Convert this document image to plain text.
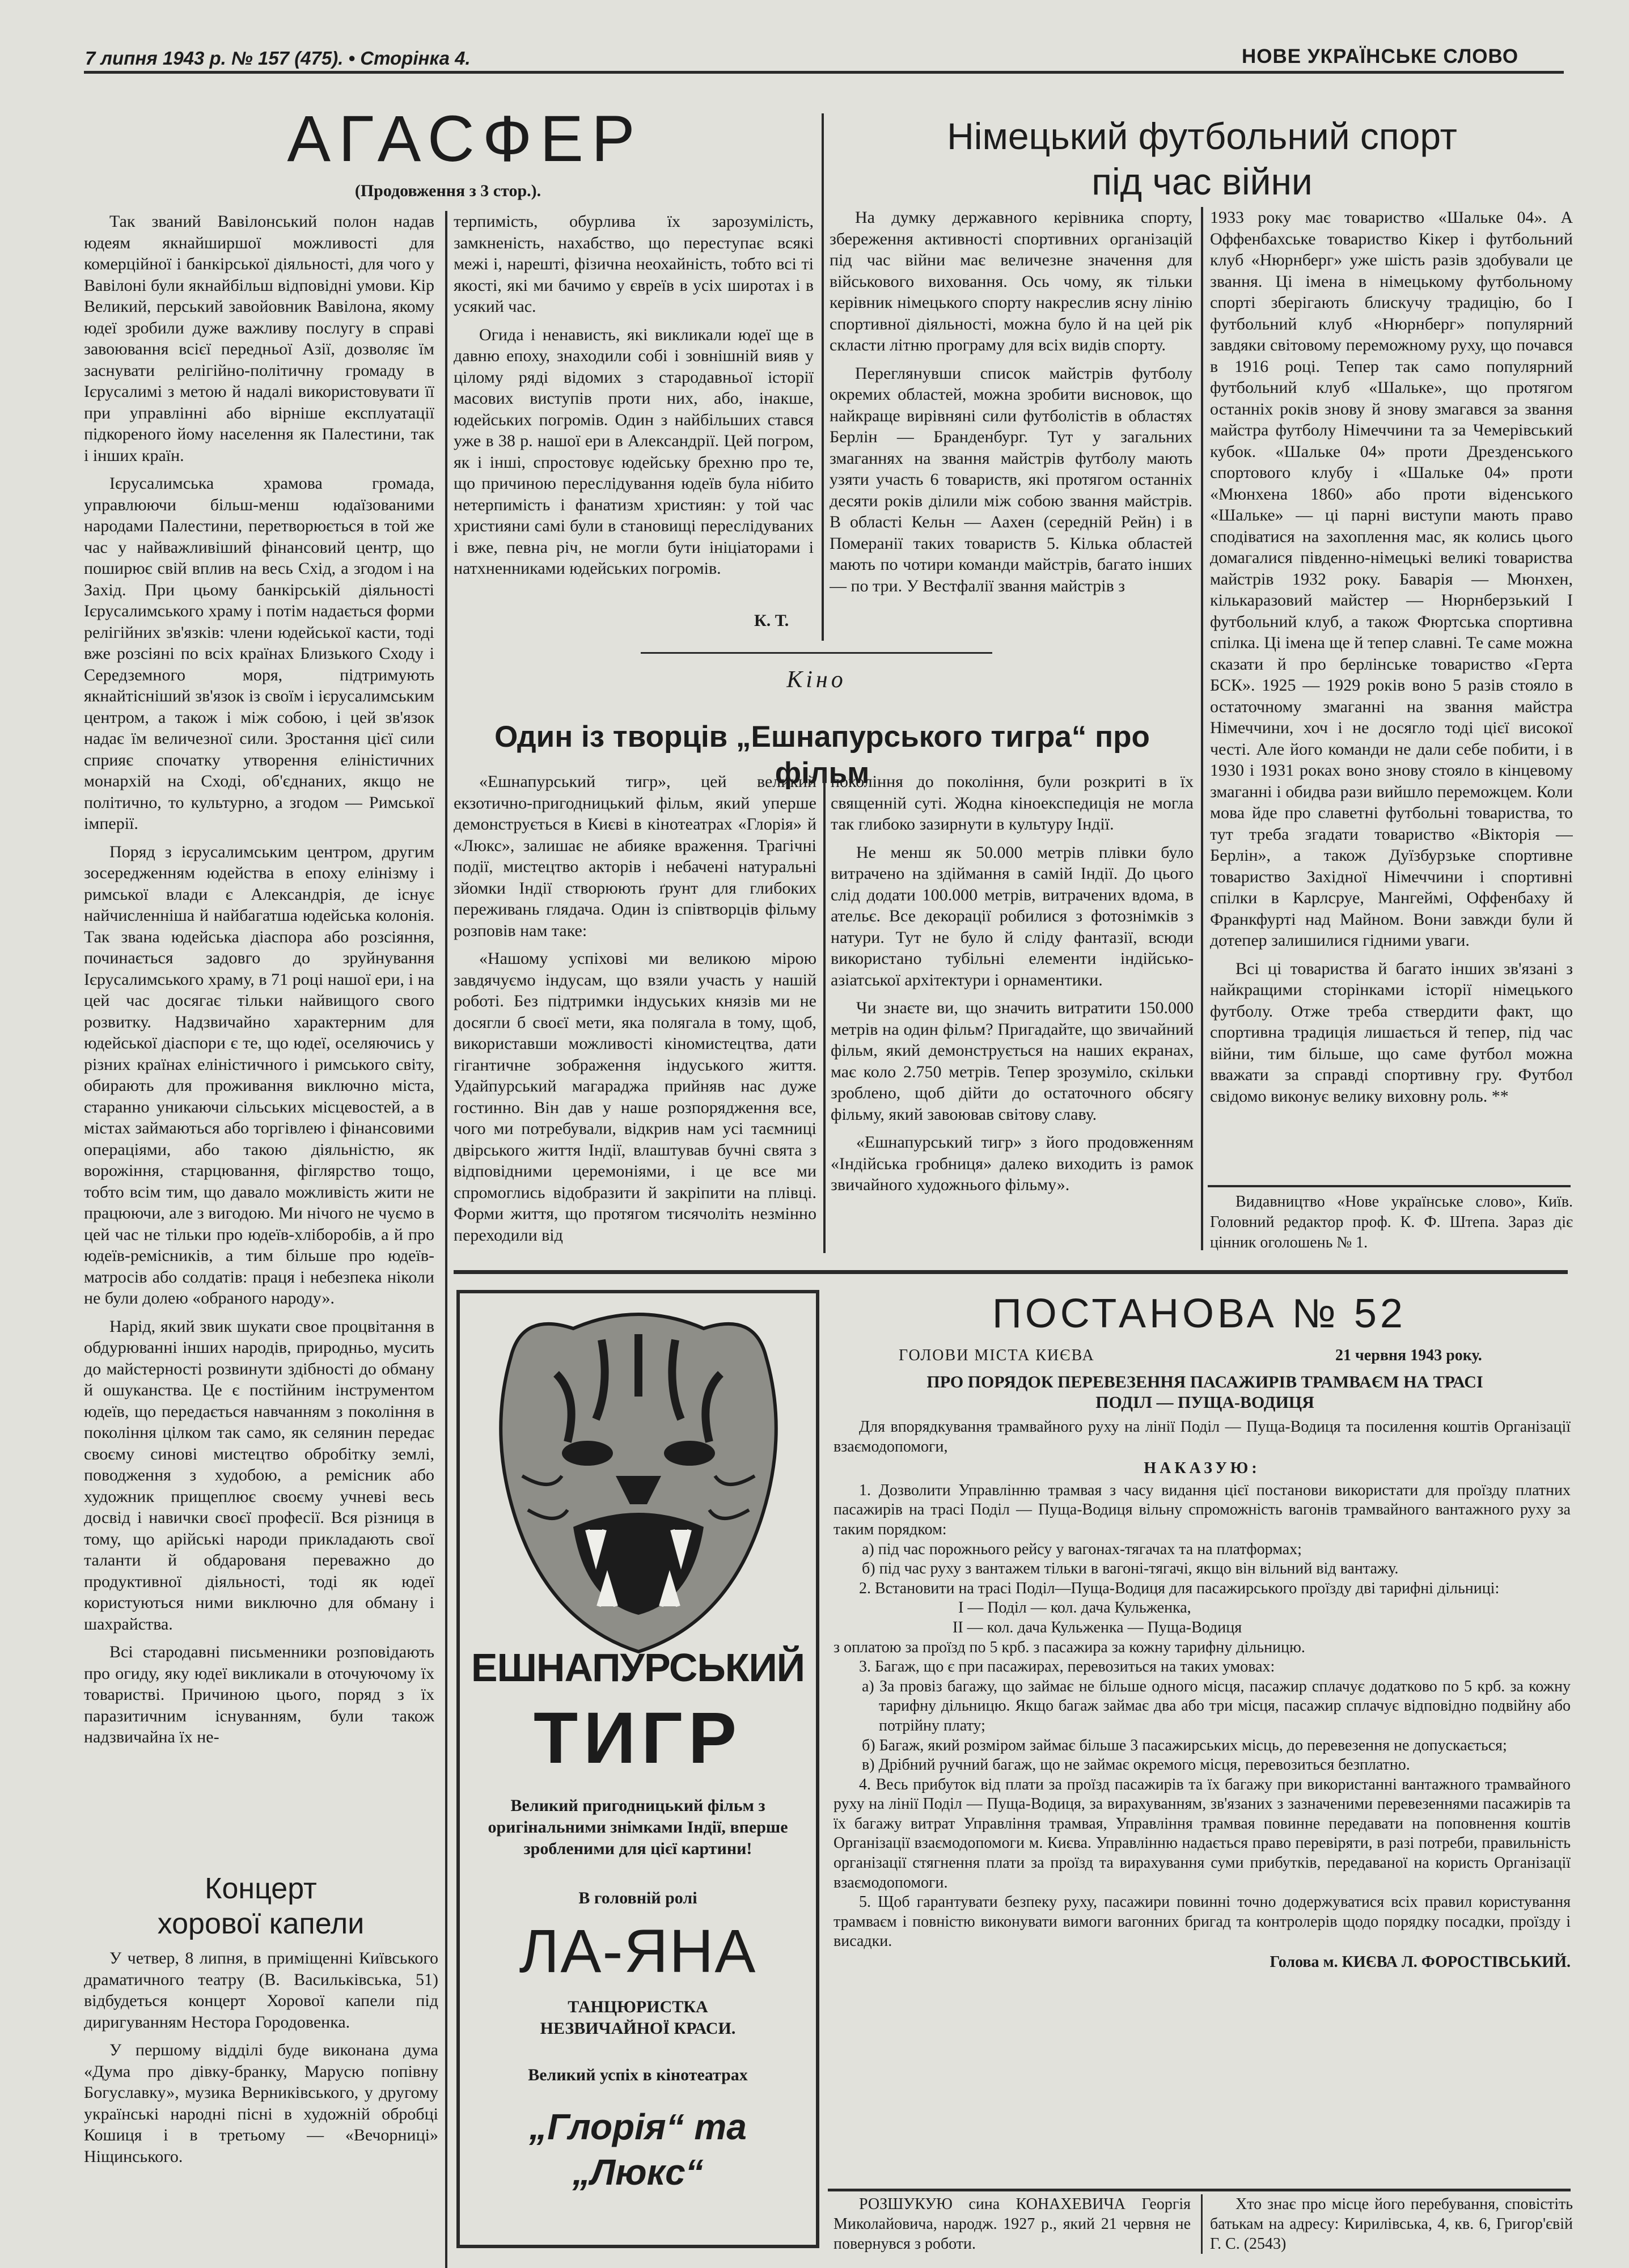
7 липня 1943 р. № 157 (475). • Сторінка 4.	НОВЕ УКРАЇНСЬКЕ СЛОВО
АГАСФЕР
(Продовження з 3 стор.).

Так званий Вавілонський полон надав юдеям якнайширшої можливості для комерційної і банкірської діяльності, для чого у Вавілоні були якнайбільш відповідні умови. Кір Великий, перський завойовник Вавілона, якому юдеї зробили дуже важливу послугу в справі завоювання всієї передньої Азії, дозволяє їм заснувати релігійно-політичну громаду в Ієрусалимі з метою й надалі використовувати її при управлінні або вірніше експлуатації підкореного йому населення як Палестини, так і інших країн.

Ієрусалимська храмова громада, управлюючи більш-менш юдаїзованими народами Палестини, перетворюється в той же час у найважливіший фінансовий центр, що поширює свій вплив на весь Схід, а згодом і на Захід. При цьому банкірській діяльності Ієрусалимського храму і потім надається форми релігійних зв'язків: члени юдейської касти, тоді вже розсіяні по всіх країнах Близького Сходу і Середземного моря, підтримують якнайтісніший зв'язок із своїм і ієрусалимським центром, а також і між собою, і цей зв'язок надає їм величезної сили. Зростання цієї сили сприяє спочатку утворення еліністичних монархій на Сході, об'єднаних, якщо не політично, то культурно, а згодом — Римської імперії.

Поряд з ієрусалимським центром, другим зосередженням юдейства в епоху елінізму і римської влади є Александрія, де існує найчисленніша й найбагатша юдейська колонія. Так звана юдейська діаспора або розсіяння, починається задовго до зруйнування Ієрусалимського храму, в 71 році нашої ери, і на цей час досягає тільки найвищого свого розвитку. Надзвичайно характерним для юдейської діаспори є те, що юдеї, оселяючись у різних країнах еліністичного і римського світу, обирають для проживання виключно міста, старанно уникаючи сільських місцевостей, а в містах займаються або торгівлею і фінансовими операціями, або такою діяльністю, як ворожіння, старцювання, фіглярство тощо, тобто всім тим, що давало можливість жити не працюючи, але з вигодою. Ми нічого не чуємо в цей час не тільки про юдеїв-хліборобів, а й про юдеїв-ремісників, а тим більше про юдеїв-матросів або солдатів: праця і небезпека ніколи не були долею «обраного народу».

Нарід, який звик шукати свое процвітання в обдурюванні інших народів, природньо, мусить до майстерності розвинути здібності до обману й ошуканства. Це є постійним інструментом юдеїв, що передається навчанням з покоління в покоління цілком так само, як селянин передає своєму синові мистецтво обробітку землі, поводження з худобою, а ремісник або художник прищеплює своєму учневі весь досвід і навички своєї професії. Вся різниця в тому, що арійські народи прикладають свої таланти й обдарованя переважно до продуктивної діяльності, тоді як юдеї користуються ними виключно для обману і шахрайства.

Всі стародавні письменники розповідають про огиду, яку юдеї викликали в оточуючому їх товаристві. Причиною цього, поряд з їх паразитичним існуванням, були також надзвичайна їх не-

терпимість, обурлива їх зарозумілість, замкненість, нахабство, що переступає всякі межі і, нарешті, фізична неохайність, тобто всі ті якості, які ми бачимо у євреїв в усіх широтах і в усякий час.

Огида і ненависть, які викликали юдеї ще в давню епоху, знаходили собі і зовнішній вияв у цілому ряді відомих з стародавньої історії масових виступів проти них, або, інакше, юдейських погромів. Один з найбільших стався уже в 38 р. нашої ери в Александрії. Цей погром, як і інші, спростовує юдейську брехню про те, що причиною переслідування юдеїв була нібито нетерпимість і фанатизм християн: у той час християни самі були в становищі переслідуваних і вже, певна річ, не могли бути ініціаторами і натхненниками юдейських погромів.

К. Т.
Німецький футбольний спорт
під час війни

На думку державного керівника спорту, збереження активності спортивних організацій під час війни має величезне значення для військового виховання. Ось чому, як тільки керівник німецького спорту накреслив ясну лінію спортивної діяльності, можна було й на цей рік скласти літню програму для всіх видів спорту.

Переглянувши список майстрів футболу окремих областей, можна зробити висновок, що найкраще вирівняні сили футболістів в областях Берлін — Бранденбург. Тут у загальних змаганнях на звання майстрів футболу мають узяти участь 6 товариств, які протягом останніх десяти років ділили між собою звання майстрів. В області Кельн — Аахен (середній Рейн) і в Померанії таких товариств 5. Кілька областей мають по чотири команди майстрів, багато інших — по три. У Вестфалії звання майстрів з

1933 року має товариство «Шальке 04». А Оффенбахське товариство Кікер і футбольний клуб «Нюрнберг» уже шість разів здобували це звання. Ці імена в німецькому футбольному спорті зберігають блискучу традицію, бо І футбольний клуб «Нюрнберг» популярний завдяки світовому переможному руху, що почався в 1916 році. Тепер так само популярний футбольний клуб «Шальке», що протягом останніх років знову й знову змагався за звання майстра футболу Німеччини та за Чемерівський кубок. «Шальке 04» проти Дрезденського спортового клубу і «Шальке 04» проти «Мюнхена 1860» або проти віденського «Шальке» — ці парні виступи мають право сподіватися на захоплення мас, як колись цього домагалися південно-німецькі великі товариства майстрів 1932 року. Баварія — Мюнхен, кількаразовий майстер — Нюрнберзький І футбольний клуб, а також Фюртська спортивна спілка. Ці імена ще й тепер славні. Те саме можна сказати й про берлінське товариство «Герта БСК». 1925 — 1929 років воно 5 разів стояло в остаточному змаганні на звання майстра Німеччини, хоч і не досягло тоді цієї високої честі. Але його команди не дали себе побити, і в 1930 і 1931 роках воно знову стояло в кінцевому змаганні і обидва рази вийшло переможцем. Коли мова йде про славетні футбольні товариства, то тут треба згадати товариство «Вікторія — Берлін», а також Дуїзбурзьке спортивне товариство Західної Німеччини і спортивні спілки в Карлсруе, Мангеймі, Оффенбаху й Франкфурті над Майном. Вони завжди були й дотепер залишилися гідними уваги.

Всі ці товариства й багато інших зв'язані з найкращими сторінками історії німецького футболу. Отже треба ствердити факт, що спортивна традиція лишається й тепер, під час війни, тим більше, що саме футбол можна вважати за справді спортивну гру. Футбол свідомо виконує велику виховну роль. **

Кіно
Один із творців „Ешнапурського тигра“ про фільм

«Ешнапурський тигр», цей великий екзотично-пригодницький фільм, який уперше демонструється в Києві в кінотеатрах «Глорія» й «Люкс», залишає не абияке враження. Трагічні події, мистецтво акторів і небачені натуральні зйомки Індії створюють ґрунт для глибоких переживань глядача. Один із співтворців фільму розповів нам таке:

«Нашому успіхові ми великою мірою завдячуємо індусам, що взяли участь у нашій роботі. Без підтримки індуських князів ми не досягли б своєї мети, яка полягала в тому, щоб, використавши можливості кіномистецтва, дати гігантичне зображення індуського життя. Удайпурський магараджа прийняв нас дуже гостинно. Він дав у наше розпорядження все, чого ми потребували, відкрив нам усі таємниці двірського життя Індії, влаштував бучні свята з відповідними церемоніями, і це все ми спромоглись відобразити й закріпити на плівці. Форми життя, що протягом тисячоліть незмінно переходили від

покоління до покоління, були розкриті в їх священній суті. Жодна кіноекспедиція не могла так глибоко зазирнути в культуру Індії.

Не менш як 50.000 метрів плівки було витрачено на здіймання в самій Індії. До цього слід додати 100.000 метрів, витрачених вдома, в ательє. Все декорації робилися з фотознімків з натури. Тут не було й сліду фантазії, всюди використано тубільні елементи індійсько-азіатської архітектури і орнаментики.

Чи знаєте ви, що значить витратити 150.000 метрів на один фільм? Пригадайте, що звичайний фільм, який демонструється на наших екранах, має коло 2.750 метрів. Тепер зрозуміло, скільки зроблено, щоб дійти до остаточного обсягу фільму, який завоював світову славу.

«Ешнапурський тигр» з його продовженням «Індійська гробниця» далеко виходить із рамок звичайного художнього фільму».

Видавництво «Нове українське слово», Київ. Головний редактор проф. К. Ф. Штепа. Зараз діє цінник оголошень № 1.

Концерт
хорової капели

У четвер, 8 липня, в приміщенні Київського драматичного театру (В. Васильківська, 51) відбудеться концерт Хорової капели під диригуванням Нестора Городовенка.

У першому відділі буде виконана дума «Дума про дівку-бранку, Марусю попівну Богуславку», музика Верниківського, у другому українські народні пісні в художній обробці Кошиця і в третьому — «Вечорниці» Ніщинського.

ЕШНАПУРСЬКИЙ
ТИГР
Великий пригодницький фільм з оригінальними знімками Індії, вперше зробленими для цієї картини!
В головній ролі
ЛА-ЯНА
ТАНЦЮРИСТКА
НЕЗВИЧАЙНОЇ КРАСИ.
Великий успіх в кінотеатрах
„Глорія“ та „Люкс“
ПОСТАНОВА № 52
ГОЛОВИ МІСТА КИЄВА	21 червня 1943 року.
ПРО ПОРЯДОК ПЕРЕВЕЗЕННЯ ПАСАЖИРІВ ТРАМВАЄМ НА ТРАСІ
ПОДІЛ — ПУЩА-ВОДИЦЯ

Для впорядкування трамвайного руху на лінії Поділ — Пуща-Водиця та посилення коштів Організації взаємодопомоги,

НАКАЗУЮ:

1. Дозволити Управлінню трамвая з часу видання цієї постанови використати для проїзду платних пасажирів на трасі Поділ — Пуща-Водиця вільну спроможність вагонів трамвайного вантажного руху за таким порядком:

а) під час порожнього рейсу у вагонах-тягачах та на платформах;

б) під час руху з вантажем тільки в вагоні-тягачі, якщо він вільний від вантажу.

2. Встановити на трасі Поділ—Пуща-Водиця для пасажирського проїзду дві тарифні дільниці:

I — Поділ — кол. дача Кульженка,

II — кол. дача Кульженка — Пуща-Водиця

з оплатою за проїзд по 5 крб. з пасажира за кожну тарифну дільницю.

3. Багаж, що є при пасажирах, перевозиться на таких умовах:

а) За провіз багажу, що займає не більше одного місця, пасажир сплачує додатково по 5 крб. за кожну тарифну дільницю. Якщо багаж займає два або три місця, пасажир сплачує відповідно подвійну або потрійну плату;

б) Багаж, який розміром займає більше 3 пасажирських місць, до перевезення не допускається;

в) Дрібний ручний багаж, що не займає окремого місця, перевозиться безплатно.

4. Весь прибуток від плати за проїзд пасажирів та їх багажу при використанні вантажного трамвайного руху на лінії Поділ — Пуща-Водиця, за вирахуванням, зв'язаних з зазначеними перевезеннями пасажирів та їх багажу витрат Управління трамвая, Управління трамвая повинне передавати на поповнення коштів Організації взаємодопомоги м. Києва. Управлінню надається право перевіряти, в разі потреби, правильність організації стягнення плати за проїзд та вирахування суми прибутків, передаваної на користь Організації взаємодопомоги.

5. Щоб гарантувати безпеку руху, пасажири повинні точно додержуватися всіх правил користування трамваєм і повністю виконувати вимоги вагонних бригад та контролерів щодо порядку посадки, проїзду і висадки.

Голова м. КИЄВА Л. ФОРОСТІВСЬКИЙ.

РОЗШУКУЮ сина КОНАХЕВИЧА Георгія Миколайовича, народж. 1927 р., який 21 червня не повернувся з роботи.

Хто знає про місце його перебування, сповістіть батькам на адресу: Кирилівська, 4, кв. 6, Григор'євій Г. С. (2543)
